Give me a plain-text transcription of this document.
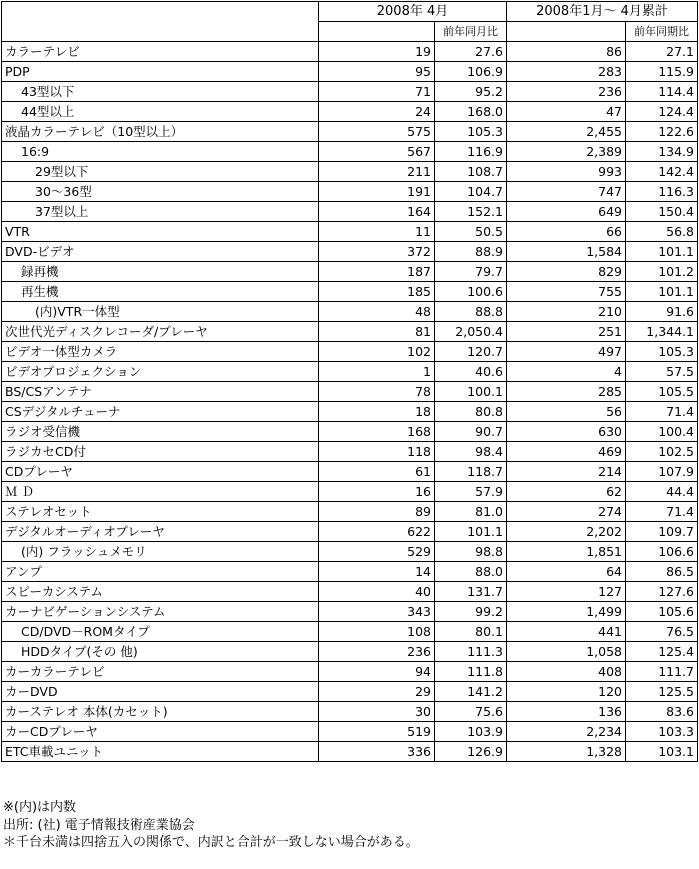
	2008年 4月		2008年1月～ 4月累計	
		前年同月比		前年同期比
カラーテレビ	19	27.6	86	27.1
PDP	95	106.9	283	115.9
43型以下	71	95.2	236	114.4
44型以上	24	168.0	47	124.4
液晶カラーテレビ（10型以上）	575	105.3	2,455	122.6
16:9	567	116.9	2,389	134.9
29型以下	211	108.7	993	142.4
30～36型	191	104.7	747	116.3
37型以上	164	152.1	649	150.4
VTR	11	50.5	66	56.8
DVD-ビデオ	372	88.9	1,584	101.1
録再機	187	79.7	829	101.2
再生機	185	100.6	755	101.1
(内)VTR一体型	48	88.8	210	91.6
次世代光ディスクレコーダ/プレーヤ	81	2,050.4	251	1,344.1
ビデオ一体型カメラ	102	120.7	497	105.3
ビデオプロジェクション	1	40.6	4	57.5
BS/CSアンテナ	78	100.1	285	105.5
CSデジタルチューナ	18	80.8	56	71.4
ラジオ受信機	168	90.7	630	100.4
ラジカセCD付	118	98.4	469	102.5
CDプレーヤ	61	118.7	214	107.9
Ｍ Ｄ	16	57.9	62	44.4
ステレオセット	89	81.0	274	71.4
デジタルオーディオプレーヤ	622	101.1	2,202	109.7
(内) フラッシュメモリ	529	98.8	1,851	106.6
アンプ	14	88.0	64	86.5
スピーカシステム	40	131.7	127	127.6
カーナビゲーションシステム	343	99.2	1,499	105.6
CD/DVD－ROMタイプ	108	80.1	441	76.5
HDDタイプ(その 他)	236	111.3	1,058	125.4
カーカラーテレビ	94	111.8	408	111.7
カーDVD	29	141.2	120	125.5
カーステレオ 本体(カセット)	30	75.6	136	83.6
カーCDプレーヤ	519	103.9	2,234	103.3
ETC車載ユニット	336	126.9	1,328	103.1
※(内)は内数
出所: (社) 電子情報技術産業協会
＊千台未満は四捨五入の関係で、内訳と合計が一致しない場合がある。
